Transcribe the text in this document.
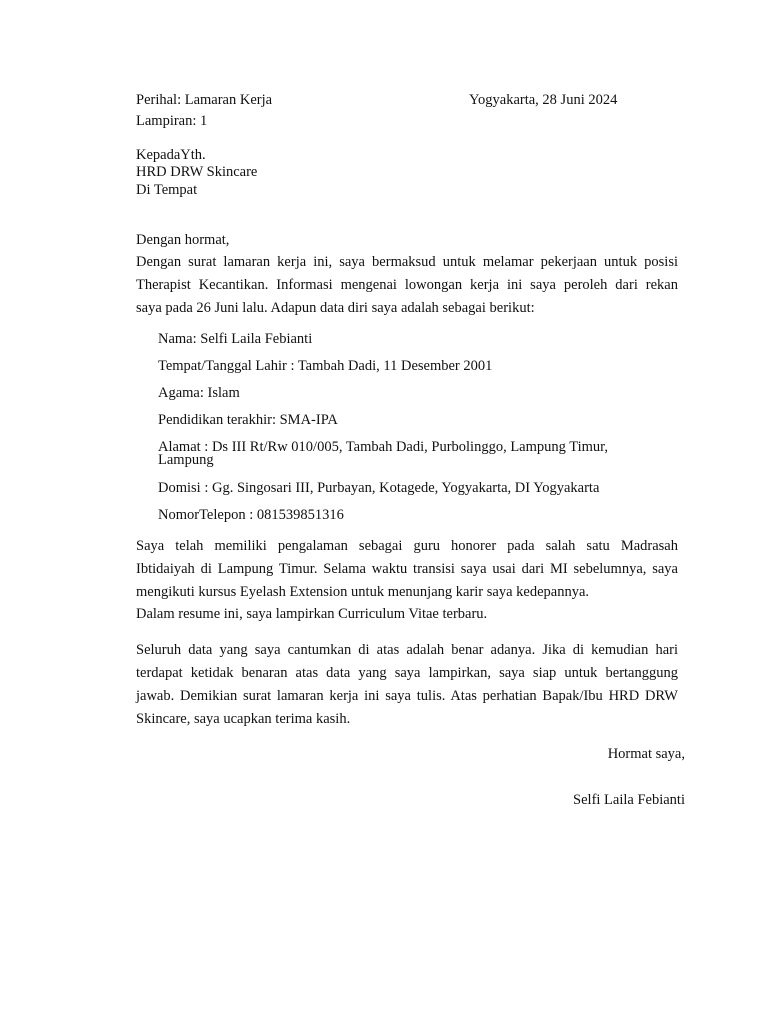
Perihal: Lamaran Kerja	Yogyakarta, 28 Juni 2024
Lampiran: 1
KepadaYth.
HRD DRW Skincare
Di Tempat
Dengan hormat,
Dengan surat lamaran kerja ini, saya bermaksud untuk melamar pekerjaan untuk posisi
Therapist Kecantikan. Informasi mengenai lowongan kerja ini saya peroleh dari rekan
saya pada 26 Juni lalu. Adapun data diri saya adalah sebagai berikut:
Nama: Selfi Laila Febianti
Tempat/Tanggal Lahir : Tambah Dadi, 11 Desember 2001
Agama: Islam
Pendidikan terakhir: SMA-IPA
Alamat : Ds III Rt/Rw 010/005, Tambah Dadi, Purbolinggo, Lampung Timur,
Lampung
Domisi : Gg. Singosari III, Purbayan, Kotagede, Yogyakarta, DI Yogyakarta
NomorTelepon : 081539851316
Saya telah memiliki pengalaman sebagai guru honorer pada salah satu Madrasah
Ibtidaiyah di Lampung Timur. Selama waktu transisi saya usai dari MI sebelumnya, saya
mengikuti kursus Eyelash Extension untuk menunjang karir saya kedepannya.
Dalam resume ini, saya lampirkan Curriculum Vitae terbaru.
Seluruh data yang saya cantumkan di atas adalah benar adanya. Jika di kemudian hari
terdapat ketidak benaran atas data yang saya lampirkan, saya siap untuk bertanggung
jawab. Demikian surat lamaran kerja ini saya tulis. Atas perhatian Bapak/Ibu HRD DRW
Skincare, saya ucapkan terima kasih.
Hormat saya,
Selfi Laila Febianti
